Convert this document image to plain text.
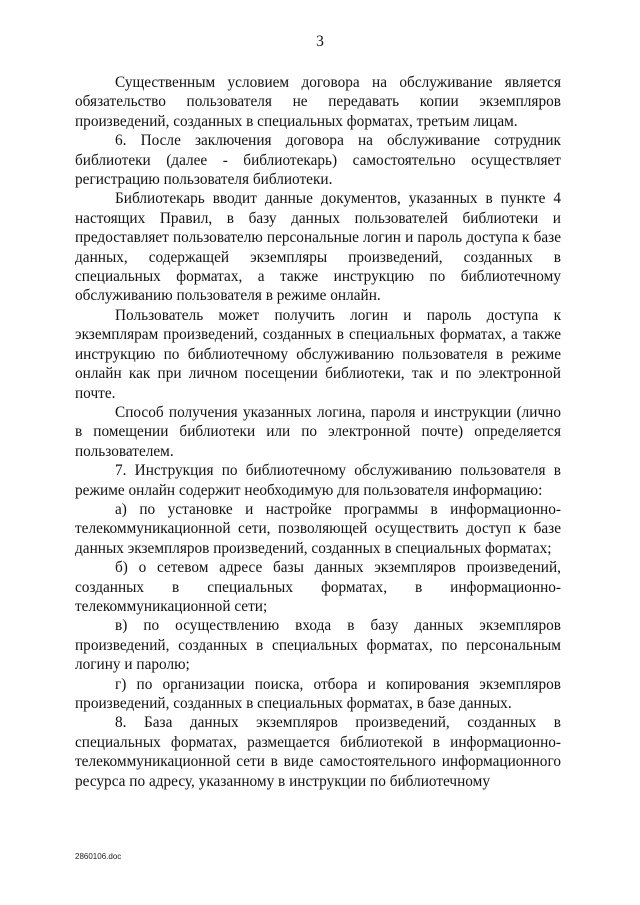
3

Существенным условием договора на обслуживание является обязательство пользователя не передавать копии экземпляров произведений, созданных в специальных форматах, третьим лицам.

6. После заключения договора на обслуживание сотрудник библиотеки (далее - библиотекарь) самостоятельно осуществляет регистрацию пользователя библиотеки.

Библиотекарь вводит данные документов, указанных в пункте 4 настоящих Правил, в базу данных пользователей библиотеки и предоставляет пользователю персональные логин и пароль доступа к базе данных, содержащей экземпляры произведений, созданных в специальных форматах, а также инструкцию по библиотечному обслуживанию пользователя в режиме онлайн.

Пользователь может получить логин и пароль доступа к экземплярам произведений, созданных в специальных форматах, а также инструкцию по библиотечному обслуживанию пользователя в режиме онлайн как при личном посещении библиотеки, так и по электронной почте.

Способ получения указанных логина, пароля и инструкции (лично в помещении библиотеки или по электронной почте) определяется пользователем.

7. Инструкция по библиотечному обслуживанию пользователя в режиме онлайн содержит необходимую для пользователя информацию:

а) по установке и настройке программы в информационно-телекоммуникационной сети, позволяющей осуществить доступ к базе данных экземпляров произведений, созданных в специальных форматах;

б) о сетевом адресе базы данных экземпляров произведений, созданных в специальных форматах, в информационно-телекоммуникационной сети;

в) по осуществлению входа в базу данных экземпляров произведений, созданных в специальных форматах, по персональным логину и паролю;

г) по организации поиска, отбора и копирования экземпляров произведений, созданных в специальных форматах, в базе данных.

8. База данных экземпляров произведений, созданных в специальных форматах, размещается библиотекой в информационно-телекоммуникационной сети в виде самостоятельного информационного ресурса по адресу, указанному в инструкции по библиотечному

2860106.doc
